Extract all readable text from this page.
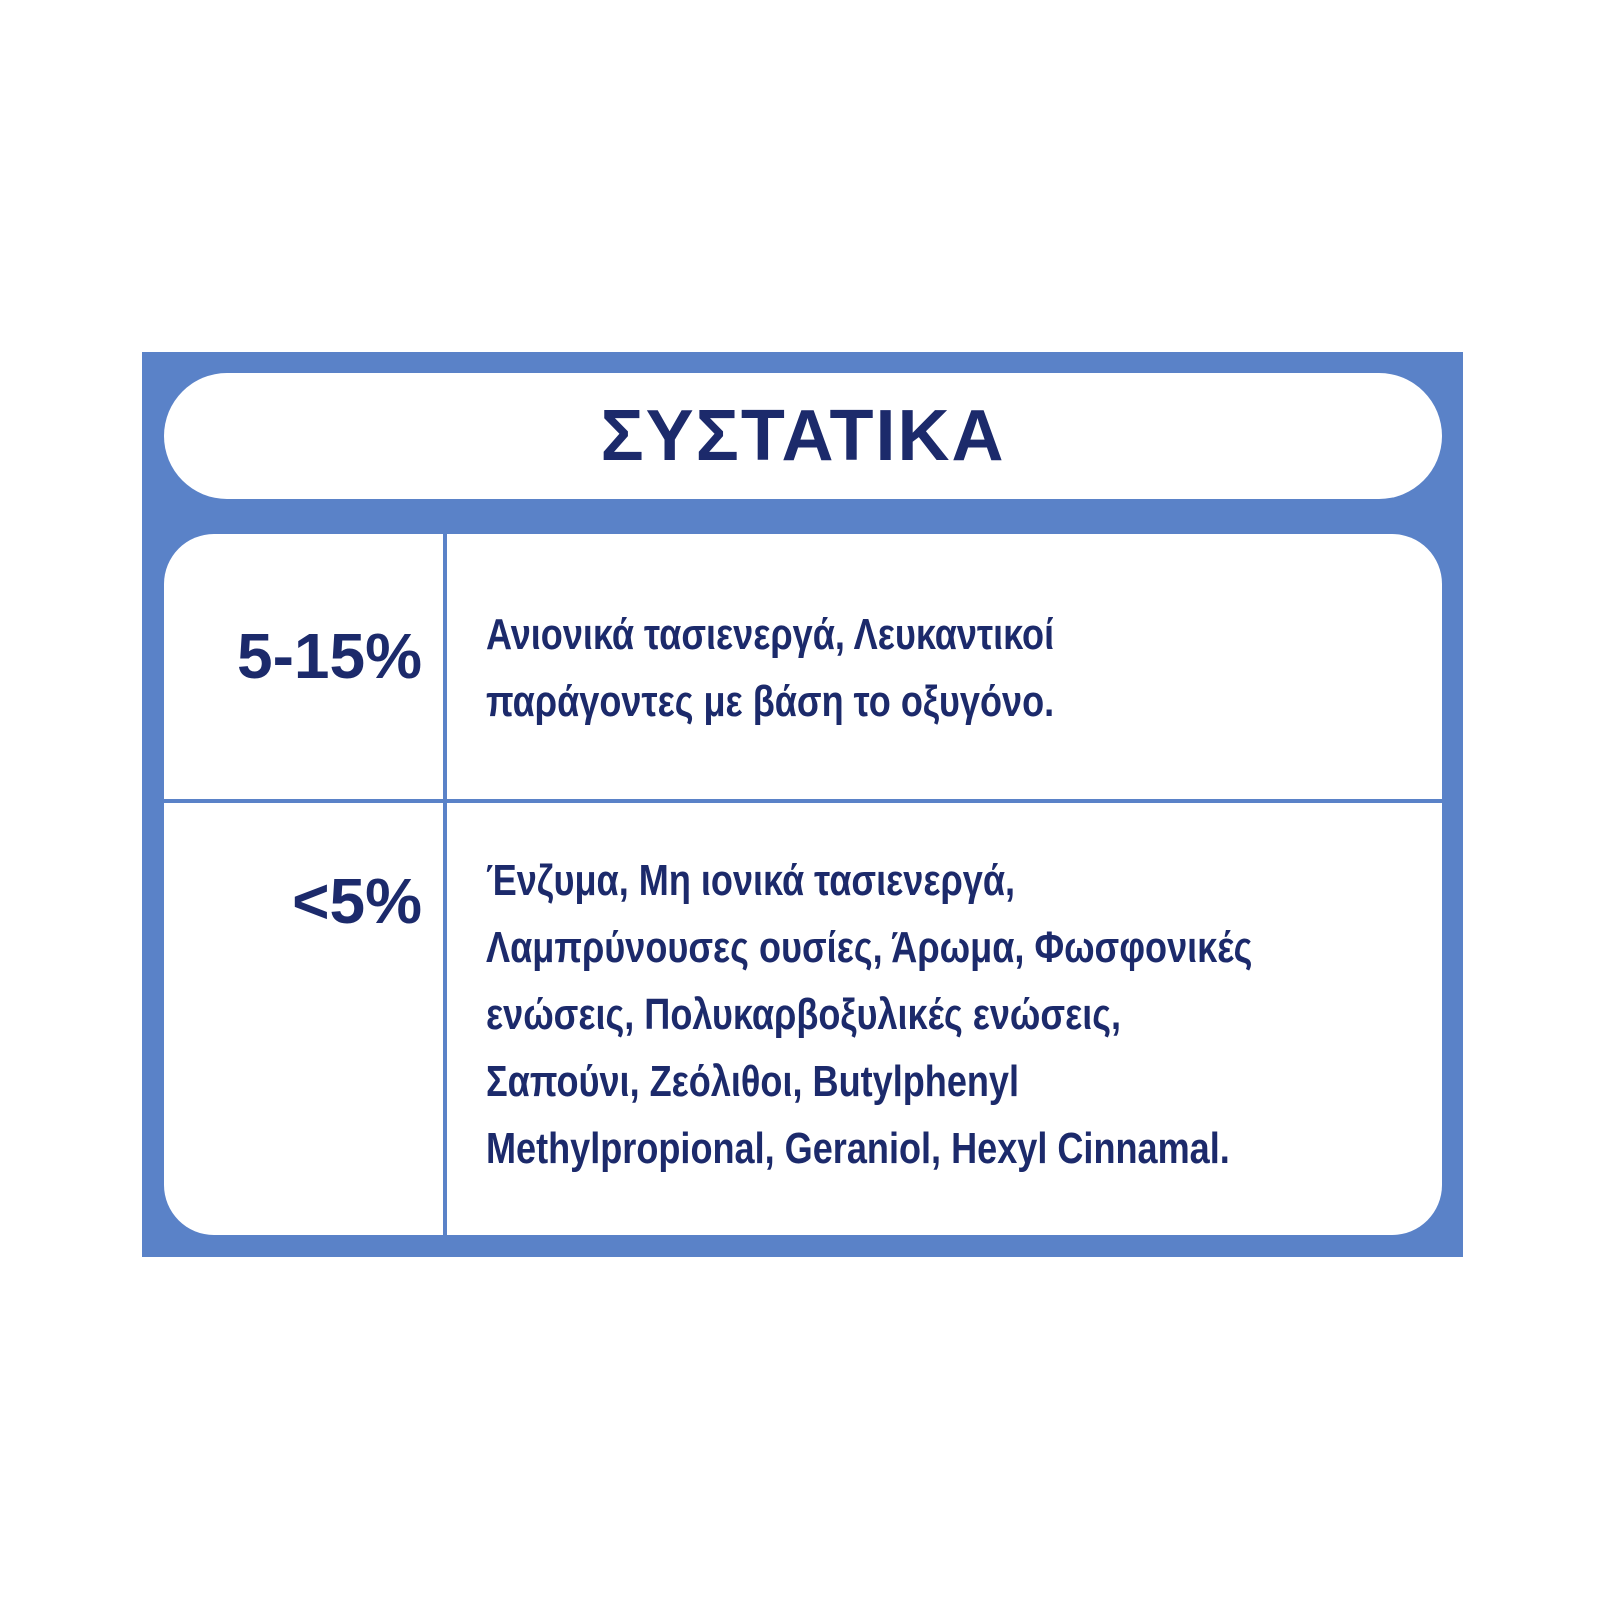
ΣΥΣΤΑΤΙΚΑ
5-15% Ανιονικά τασιενεργά, Λευκαντικοί
παράγοντες με βάση το οξυγόνο.

<5% Ένζυμα, Μη ιονικά τασιενεργά,
Λαμπρύνουσες ουσίες, Άρωμα, Φωσφονικές
ενώσεις, Πολυκαρβοξυλικές ενώσεις,
Σαπούνι, Ζεόλιθοι, Butylphenyl
Methylpropional, Geraniol, Hexyl Cinnamal.
